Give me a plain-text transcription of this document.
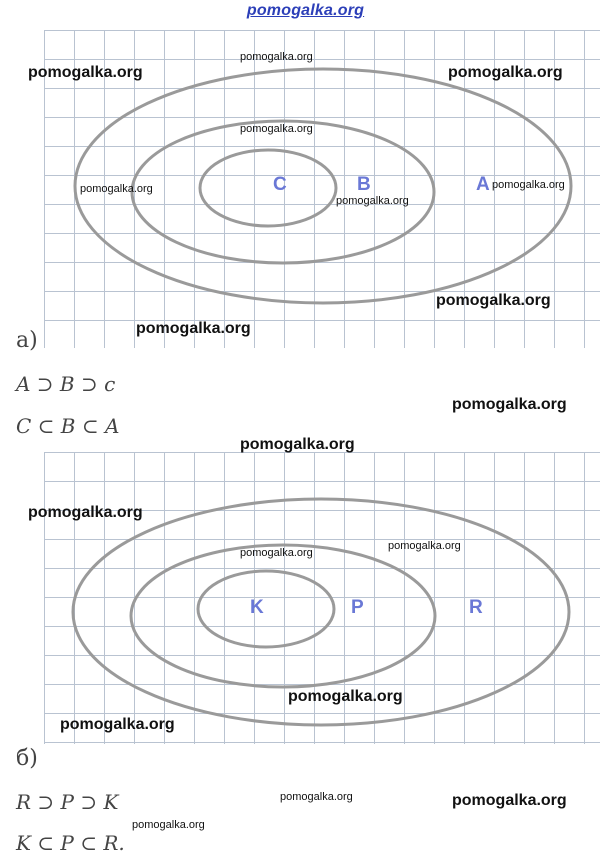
pomogalka.org
C	B	A
pomogalka.org
pomogalka.org	pomogalka.org
pomogalka.org
pomogalka.org
pomogalka.org
pomogalka.org
pomogalka.org
pomogalka.org
а)
A ⊃ B ⊃ c
C ⊂ B ⊂ A
pomogalka.org
pomogalka.org
K	P	R
pomogalka.org
pomogalka.org
pomogalka.org
pomogalka.org
pomogalka.org
б)
R ⊃ P ⊃ K
K ⊂ P ⊂ R.
pomogalka.org	pomogalka.org
pomogalka.org
